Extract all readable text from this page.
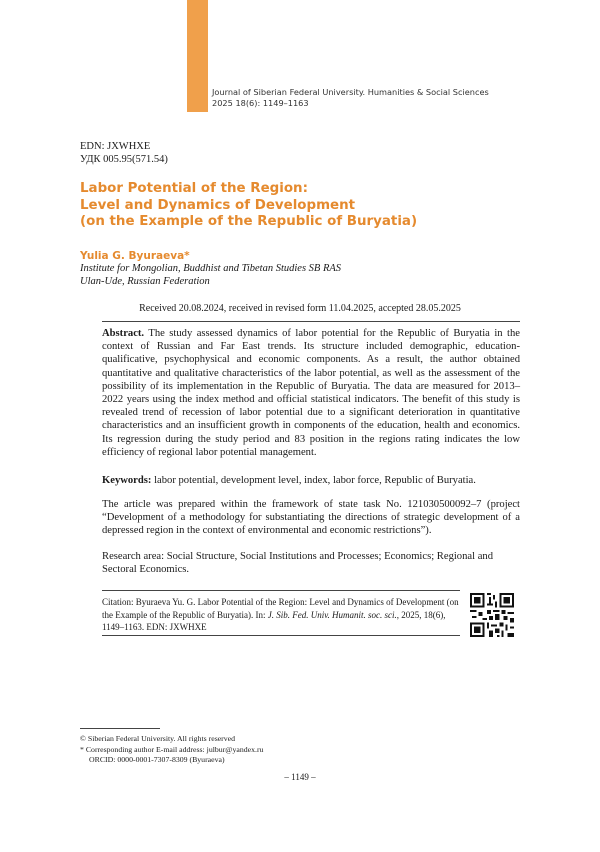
Journal of Siberian Federal University. Humanities & Social Sciences
2025 18(6): 1149–1163
EDN: JXWHXE
УДК 005.95(571.54)
Labor Potential of the Region:
Level and Dynamics of Development
(on the Example of the Republic of Buryatia)
Yulia G. Byuraeva*
Institute for Mongolian, Buddhist and Tibetan Studies SB RAS
Ulan-Ude, Russian Federation
Received 20.08.2024, received in revised form 11.04.2025, accepted 28.05.2025

Abstract. The study assessed dynamics of labor potential for the Republic of Buryatia in the context of Russian and Far East trends. Its structure included demographic, education-qualificative, psychophysical and economic components. As a result, the author obtained quantitative and qualitative characteristics of the labor potential, as well as the assessment of the possibility of its implementation in the Republic of Buryatia. The data are measured for 2013–2022 years using the index method and official statistical indicators. The benefit of this study is revealed trend of recession of labor potential due to a significant deterioration in quantitative characteristics and an insufficient growth in components of the education, health and economics. Its regression during the study period and 83 position in the regions rating indicates the low efficiency of regional labor potential management.

Keywords: labor potential, development level, index, labor force, Republic of Buryatia.

The article was prepared within the framework of state task No. 121030500092–7 (project “Development of a methodology for substantiating the directions of strategic development of a depressed region in the context of environmental and economic restrictions”).

Research area: Social Structure, Social Institutions and Processes; Economics; Regional and Sectoral Economics.

Citation: Byuraeva Yu. G. Labor Potential of the Region: Level and Dynamics of Development (on the Example of the Republic of Buryatia). In: J. Sib. Fed. Univ. Humanit. soc. sci., 2025, 18(6), 1149–1163. EDN: JXWHXE

© Siberian Federal University. All rights reserved
* Corresponding author E-mail address: julbur@yandex.ru
ORCID: 0000-0001-7307-8309 (Byuraeva)
– 1149 –
